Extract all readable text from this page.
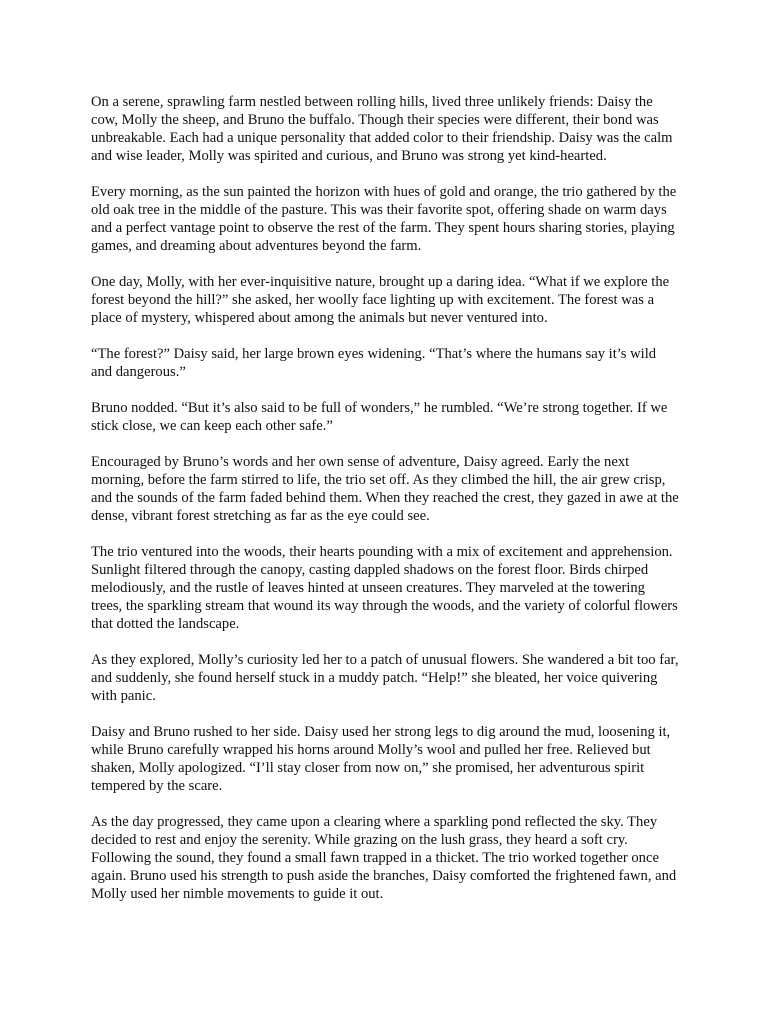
On a serene, sprawling farm nestled between rolling hills, lived three unlikely friends: Daisy the cow, Molly the sheep, and Bruno the buffalo. Though their species were different, their bond was unbreakable. Each had a unique personality that added color to their friendship. Daisy was the calm and wise leader, Molly was spirited and curious, and Bruno was strong yet kind-hearted.

Every morning, as the sun painted the horizon with hues of gold and orange, the trio gathered by the old oak tree in the middle of the pasture. This was their favorite spot, offering shade on warm days and a perfect vantage point to observe the rest of the farm. They spent hours sharing stories, playing games, and dreaming about adventures beyond the farm.

One day, Molly, with her ever-inquisitive nature, brought up a daring idea. “What if we explore the forest beyond the hill?” she asked, her woolly face lighting up with excitement. The forest was a place of mystery, whispered about among the animals but never ventured into.

“The forest?” Daisy said, her large brown eyes widening. “That’s where the humans say it’s wild and dangerous.”

Bruno nodded. “But it’s also said to be full of wonders,” he rumbled. “We’re strong together. If we stick close, we can keep each other safe.”

Encouraged by Bruno’s words and her own sense of adventure, Daisy agreed. Early the next morning, before the farm stirred to life, the trio set off. As they climbed the hill, the air grew crisp, and the sounds of the farm faded behind them. When they reached the crest, they gazed in awe at the dense, vibrant forest stretching as far as the eye could see.

The trio ventured into the woods, their hearts pounding with a mix of excitement and apprehension. Sunlight filtered through the canopy, casting dappled shadows on the forest floor. Birds chirped melodiously, and the rustle of leaves hinted at unseen creatures. They marveled at the towering trees, the sparkling stream that wound its way through the woods, and the variety of colorful flowers that dotted the landscape.

As they explored, Molly’s curiosity led her to a patch of unusual flowers. She wandered a bit too far, and suddenly, she found herself stuck in a muddy patch. “Help!” she bleated, her voice quivering with panic.

Daisy and Bruno rushed to her side. Daisy used her strong legs to dig around the mud, loosening it, while Bruno carefully wrapped his horns around Molly’s wool and pulled her free. Relieved but shaken, Molly apologized. “I’ll stay closer from now on,” she promised, her adventurous spirit tempered by the scare.

As the day progressed, they came upon a clearing where a sparkling pond reflected the sky. They decided to rest and enjoy the serenity. While grazing on the lush grass, they heard a soft cry. Following the sound, they found a small fawn trapped in a thicket. The trio worked together once again. Bruno used his strength to push aside the branches, Daisy comforted the frightened fawn, and Molly used her nimble movements to guide it out.
